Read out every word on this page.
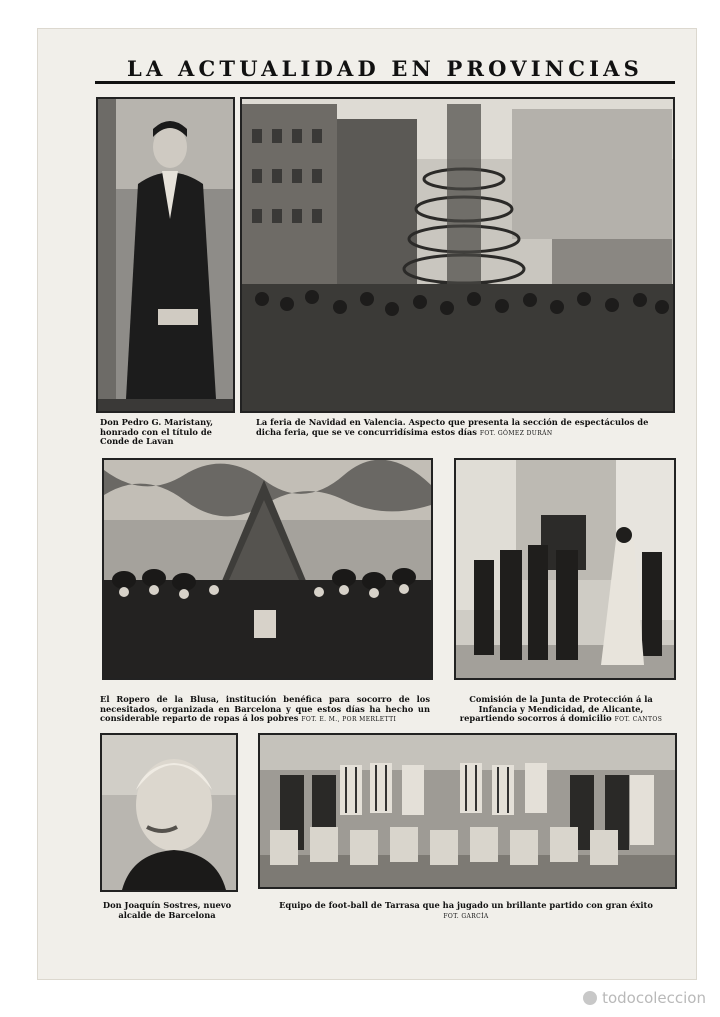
LA ACTUALIDAD EN PROVINCIAS
Don Pedro G. Maristany, honrado con el título de Conde de Lavan
La feria de Navidad en Valencia. Aspecto que presenta la sección de espectáculos de dicha feria, que se ve concurridísima estos días FOT. GÓMEZ DURÁN
El Ropero de la Blusa, institución benéfica para socorro de los necesitados, organizada en Barcelona y que estos días ha hecho un considerable reparto de ropas á los pobres FOT. E. M., POR MERLETTI
Comisión de la Junta de Protección á la Infancia y Mendicidad, de Alicante, repartiendo socorros á domicilio FOT. CANTOS
Don Joaquín Sostres, nuevo alcalde de Barcelona
Equipo de foot-ball de Tarrasa que ha jugado un brillante partido con gran éxito
FOT. GARCÍA
todocoleccion
